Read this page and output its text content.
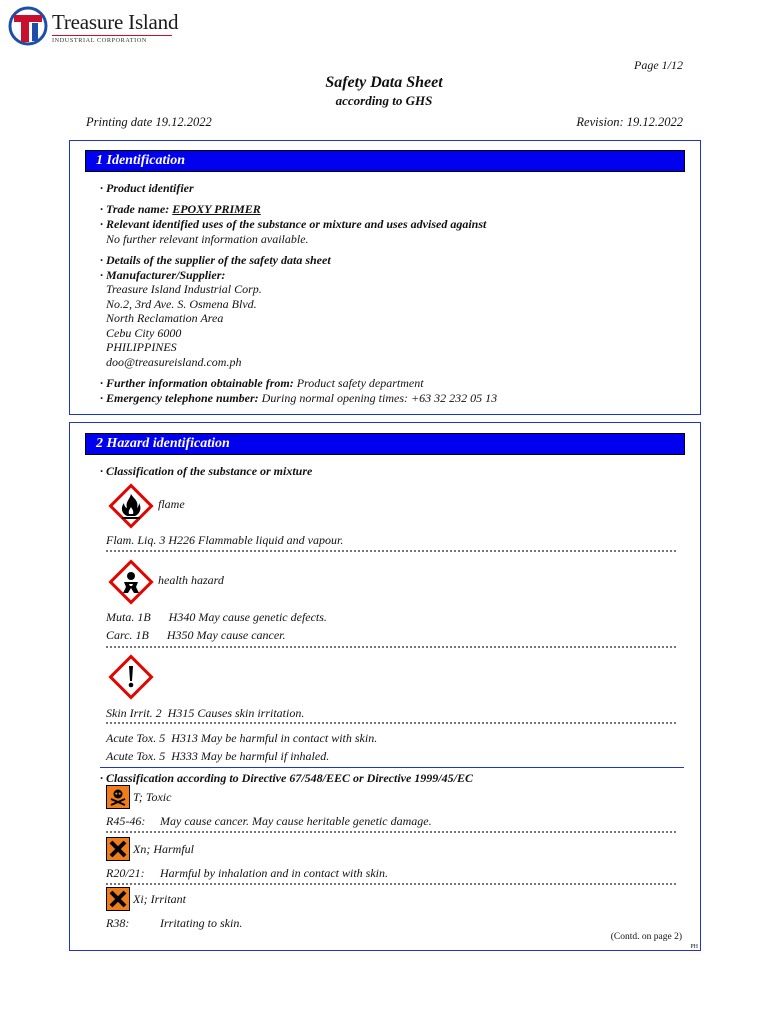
Treasure Island
INDUSTRIAL CORPORATION
Page 1/12
Safety Data Sheet
according to GHS
Printing date 19.12.2022	Revision: 19.12.2022
1 Identification
· Product identifier
· Trade name: EPOXY PRIMER
· Relevant identified uses of the substance or mixture and uses advised against
No further relevant information available.
· Details of the supplier of the safety data sheet
· Manufacturer/Supplier:
Treasure Island Industrial Corp.
No.2, 3rd Ave. S. Osmena Blvd.
North Reclamation Area
Cebu City 6000
PHILIPPINES
doo@treasureisland.com.ph
· Further information obtainable from: Product safety department
· Emergency telephone number: During normal opening times: +63 32 232 05 13
2 Hazard identification
· Classification of the substance or mixture
flame
Flam. Liq. 3 H226 Flammable liquid and vapour.
health hazard
Muta. 1B      H340 May cause genetic defects.
Carc. 1B      H350 May cause cancer.
Skin Irrit. 2  H315 Causes skin irritation.
Acute Tox. 5  H313 May be harmful in contact with skin.
Acute Tox. 5  H333 May be harmful if inhaled.
· Classification according to Directive 67/548/EEC or Directive 1999/45/EC
T; Toxic
R45-46: May cause cancer. May cause heritable genetic damage.
Xn; Harmful
R20/21: Harmful by inhalation and in contact with skin.
Xi; Irritant
R38:	Irritating to skin.
(Contd. on page 2)
PH
